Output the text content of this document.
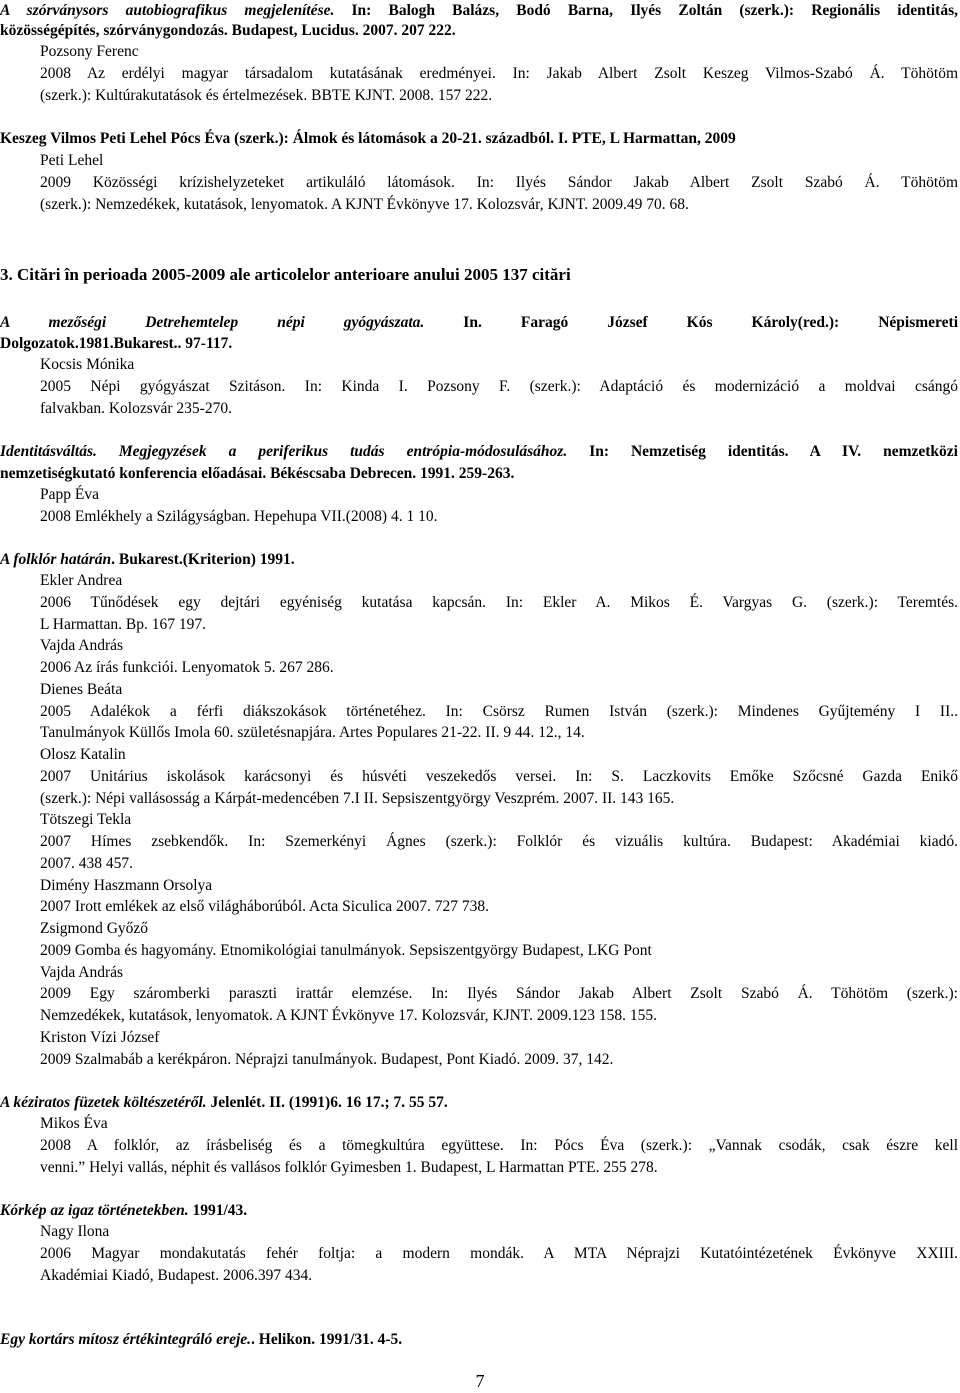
A szórványsors autobiografikus megjelenítése. In: Balogh Balázs, Bodó Barna, Ilyés Zoltán (szerk.): Regionális identitás,
közösségépítés, szórványgondozás. Budapest, Lucidus. 2007. 207 222.
Pozsony Ferenc
2008 Az erdélyi magyar társadalom kutatásának eredményei. In: Jakab Albert Zsolt Keszeg Vilmos-Szabó Á. Töhötöm
(szerk.): Kultúrakutatások és értelmezések. BBTE KJNT. 2008. 157 222.
Keszeg Vilmos Peti Lehel Pócs Éva (szerk.): Álmok és látomások a 20-21. századból. I. PTE, L Harmattan, 2009
Peti Lehel
2009 Közösségi krízishelyzeteket artikuláló látomások. In: Ilyés Sándor Jakab Albert Zsolt Szabó Á. Töhötöm
(szerk.): Nemzedékek, kutatások, lenyomatok. A KJNT Évkönyve 17. Kolozsvár, KJNT. 2009.49 70. 68.
3. Citări în perioada 2005-2009 ale articolelor anterioare anului 2005 137 citări
A mezőségi Detrehemtelep népi gyógyászata. In. Faragó József Kós Károly(red.): Népismereti
Dolgozatok.1981.Bukarest.. 97-117.
Kocsis Mónika
2005 Népi gyógyászat Szitáson. In: Kinda I. Pozsony F. (szerk.): Adaptáció és modernizáció a moldvai csángó
falvakban. Kolozsvár 235-270.
Identitásváltás. Megjegyzések a periferikus tudás entrópia-módosulásához. In: Nemzetiség identitás. A IV. nemzetközi
nemzetiségkutató konferencia előadásai. Békéscsaba Debrecen. 1991. 259-263.
Papp Éva
2008 Emlékhely a Szilágyságban. Hepehupa VII.(2008) 4. 1 10.
A folklór határán. Bukarest.(Kriterion) 1991.
Ekler Andrea
2006 Tűnődések egy dejtári egyéniség kutatása kapcsán. In: Ekler A. Mikos É. Vargyas G. (szerk.): Teremtés.
L Harmattan. Bp. 167 197.
Vajda András
2006 Az írás funkciói. Lenyomatok 5. 267 286.
Dienes Beáta
2005 Adalékok a férfi diákszokások történetéhez. In: Csörsz Rumen István (szerk.): Mindenes Gyűjtemény I II..
Tanulmányok Küllős Imola 60. születésnapjára. Artes Populares 21-22. II. 9 44. 12., 14.
Olosz Katalin
2007 Unitárius iskolások karácsonyi és húsvéti veszekedős versei. In: S. Laczkovits Emőke Szőcsné Gazda Enikő
(szerk.): Népi vallásosság a Kárpát-medencében 7.I II. Sepsiszentgyörgy Veszprém. 2007. II. 143 165.
Tötszegi Tekla
2007 Hímes zsebkendők. In: Szemerkényi Ágnes (szerk.): Folklór és vizuális kultúra. Budapest: Akadémiai kiadó.
2007. 438 457.
Dimény Haszmann Orsolya
2007 Irott emlékek az első világháborúból. Acta Siculica 2007. 727 738.
Zsigmond Győző
2009 Gomba és hagyomány. Etnomikológiai tanulmányok. Sepsiszentgyörgy Budapest, LKG Pont
Vajda András
2009 Egy száromberki paraszti irattár elemzése. In: Ilyés Sándor Jakab Albert Zsolt Szabó Á. Töhötöm (szerk.):
Nemzedékek, kutatások, lenyomatok. A KJNT Évkönyve 17. Kolozsvár, KJNT. 2009.123 158. 155.
Kriston Vízi József
2009 Szalmabáb a kerékpáron. Néprajzi tanulmányok. Budapest, Pont Kiadó. 2009. 37, 142.
A kéziratos füzetek költészetéről. Jelenlét. II. (1991)6. 16 17.; 7. 55 57.
Mikos Éva
2008 A folklór, az írásbeliség és a tömegkultúra együttese. In: Pócs Éva (szerk.): „Vannak csodák, csak észre kell
venni.” Helyi vallás, néphit és vallásos folklór Gyimesben 1. Budapest, L Harmattan PTE. 255 278.
Kórkép az igaz történetekben. 1991/43.
Nagy Ilona
2006 Magyar mondakutatás fehér foltja: a modern mondák. A MTA Néprajzi Kutatóintézetének Évkönyve XXIII.
Akadémiai Kiadó, Budapest. 2006.397 434.
Egy kortárs mítosz értékintegráló ereje.. Helikon. 1991/31. 4-5.
7
